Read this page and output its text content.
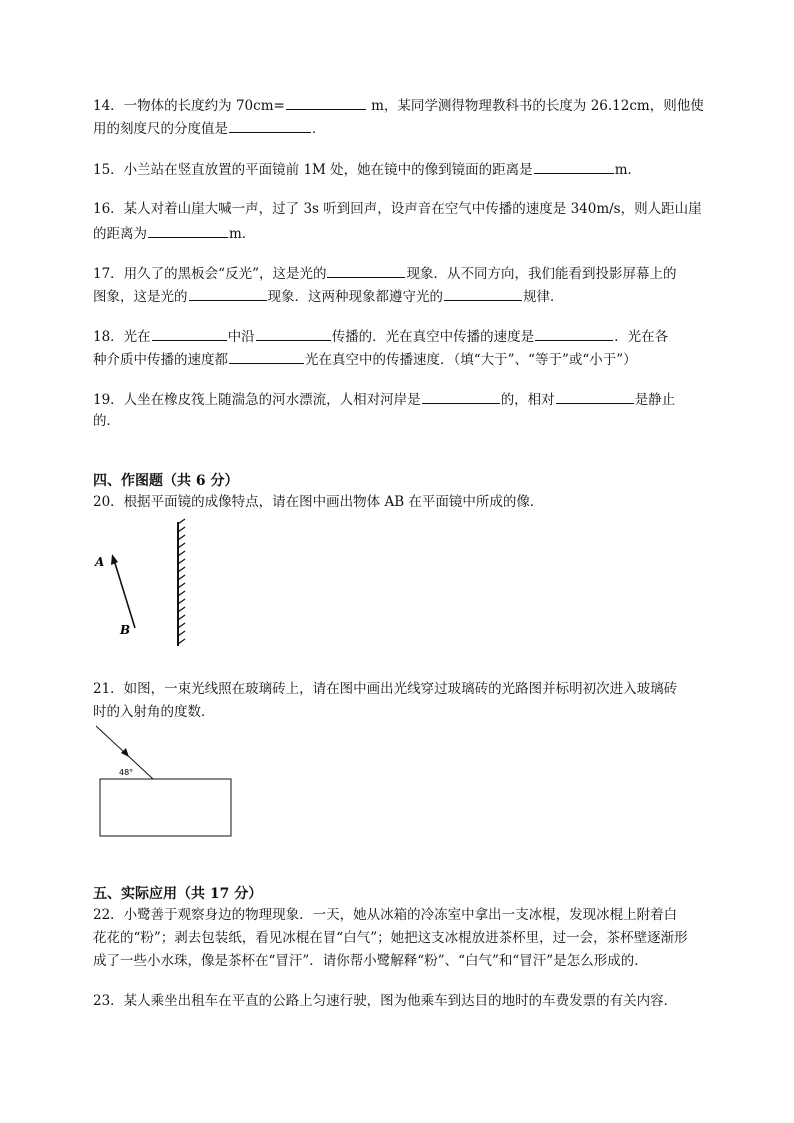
14．一物体的长度约为 70cm=	m，某同学测得物理教科书的长度为 26.12cm，则他使
用的刻度尺的分度值是	．
15．小兰站在竖直放置的平面镜前 1M 处，她在镜中的像到镜面的距离是	m．
16．某人对着山崖大喊一声，过了 3s 听到回声，设声音在空气中传播的速度是 340m/s，则人距山崖
的距离为	m．
17．用久了的黑板会“反光”，这是光的	现象．从不同方向，我们能看到投影屏幕上的
图象，这是光的	现象．这两种现象都遵守光的	规律．
18．光在	中沿	传播的．光在真空中传播的速度是	．光在各
种介质中传播的速度都	光在真空中的传播速度．（填“大于”、“等于”或“小于”）
19．人坐在橡皮筏上随湍急的河水漂流，人相对河岸是	的，相对	是静止
的．
四、作图题（共 6 分）
20．根据平面镜的成像特点，请在图中画出物体 AB 在平面镜中所成的像．
A
B
21．如图，一束光线照在玻璃砖上，请在图中画出光线穿过玻璃砖的光路图并标明初次进入玻璃砖
时的入射角的度数．
48°
五、实际应用（共 17 分）
22．小鹭善于观察身边的物理现象．一天，她从冰箱的冷冻室中拿出一支冰棍，发现冰棍上附着白
花花的“粉”；剥去包装纸，看见冰棍在冒“白气”；她把这支冰棍放进茶杯里，过一会，茶杯壁逐渐形
成了一些小水珠，像是茶杯在“冒汗”．请你帮小鹭解释“粉”、“白气”和“冒汗”是怎么形成的．
23．某人乘坐出租车在平直的公路上匀速行驶，图为他乘车到达目的地时的车费发票的有关内容．
